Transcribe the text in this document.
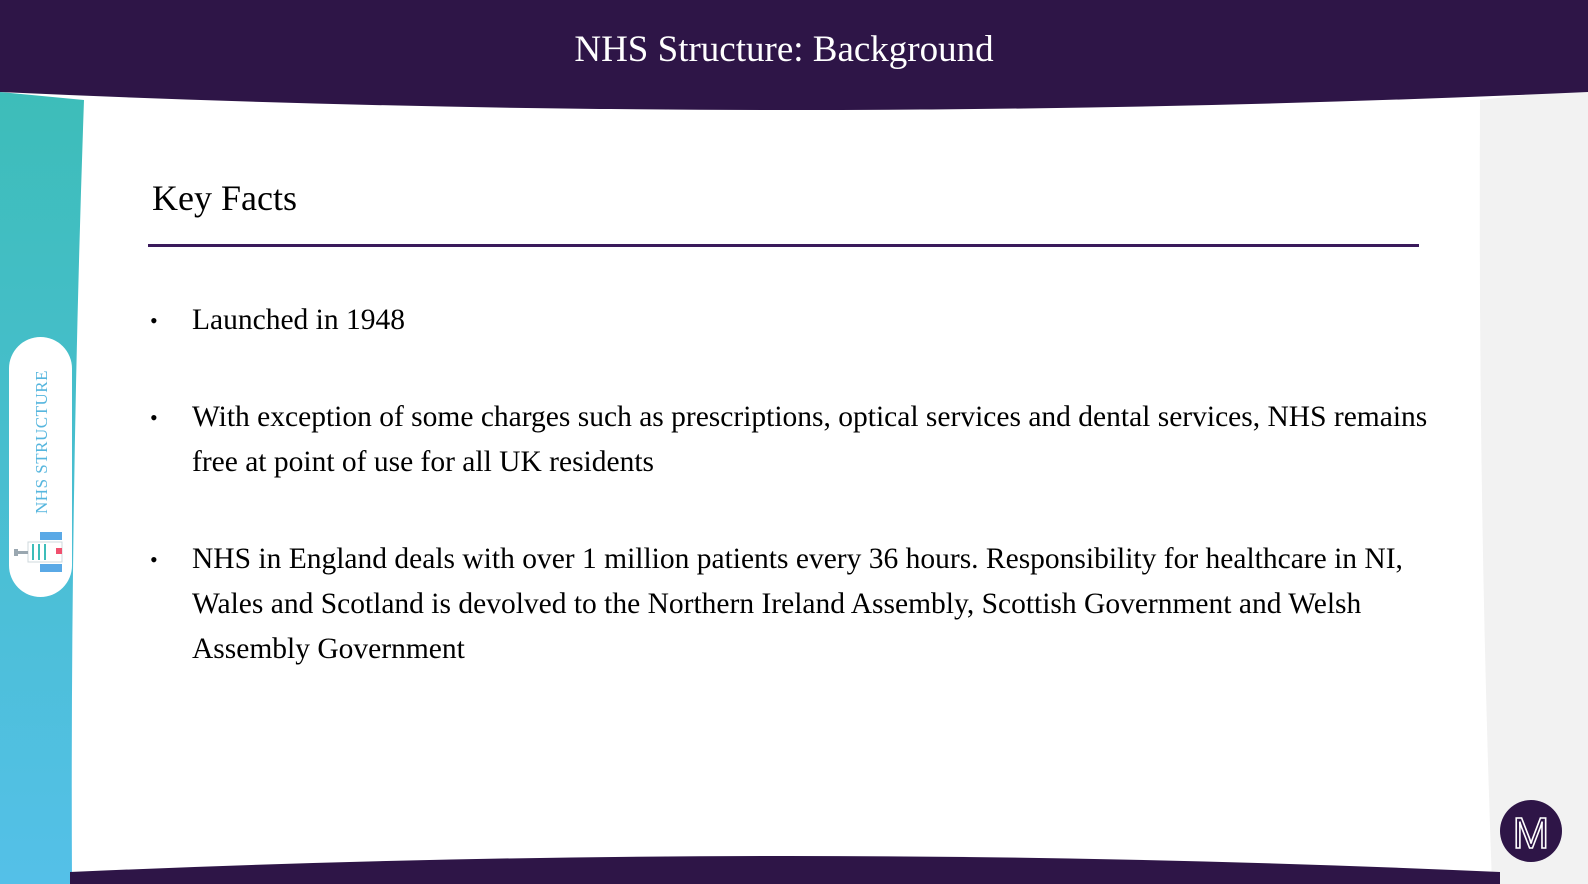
NHS Structure: Background
Key Facts
•	Launched in 1948
•	With exception of some charges such as prescriptions, optical services and dental services, NHS remains free at point of use for all UK residents
•	NHS in England deals with over 1 million patients every 36 hours. Responsibility for healthcare in NI, Wales and Scotland is devolved to the Northern Ireland Assembly, Scottish Government and Welsh Assembly Government
NHS STRUCTURE
M
